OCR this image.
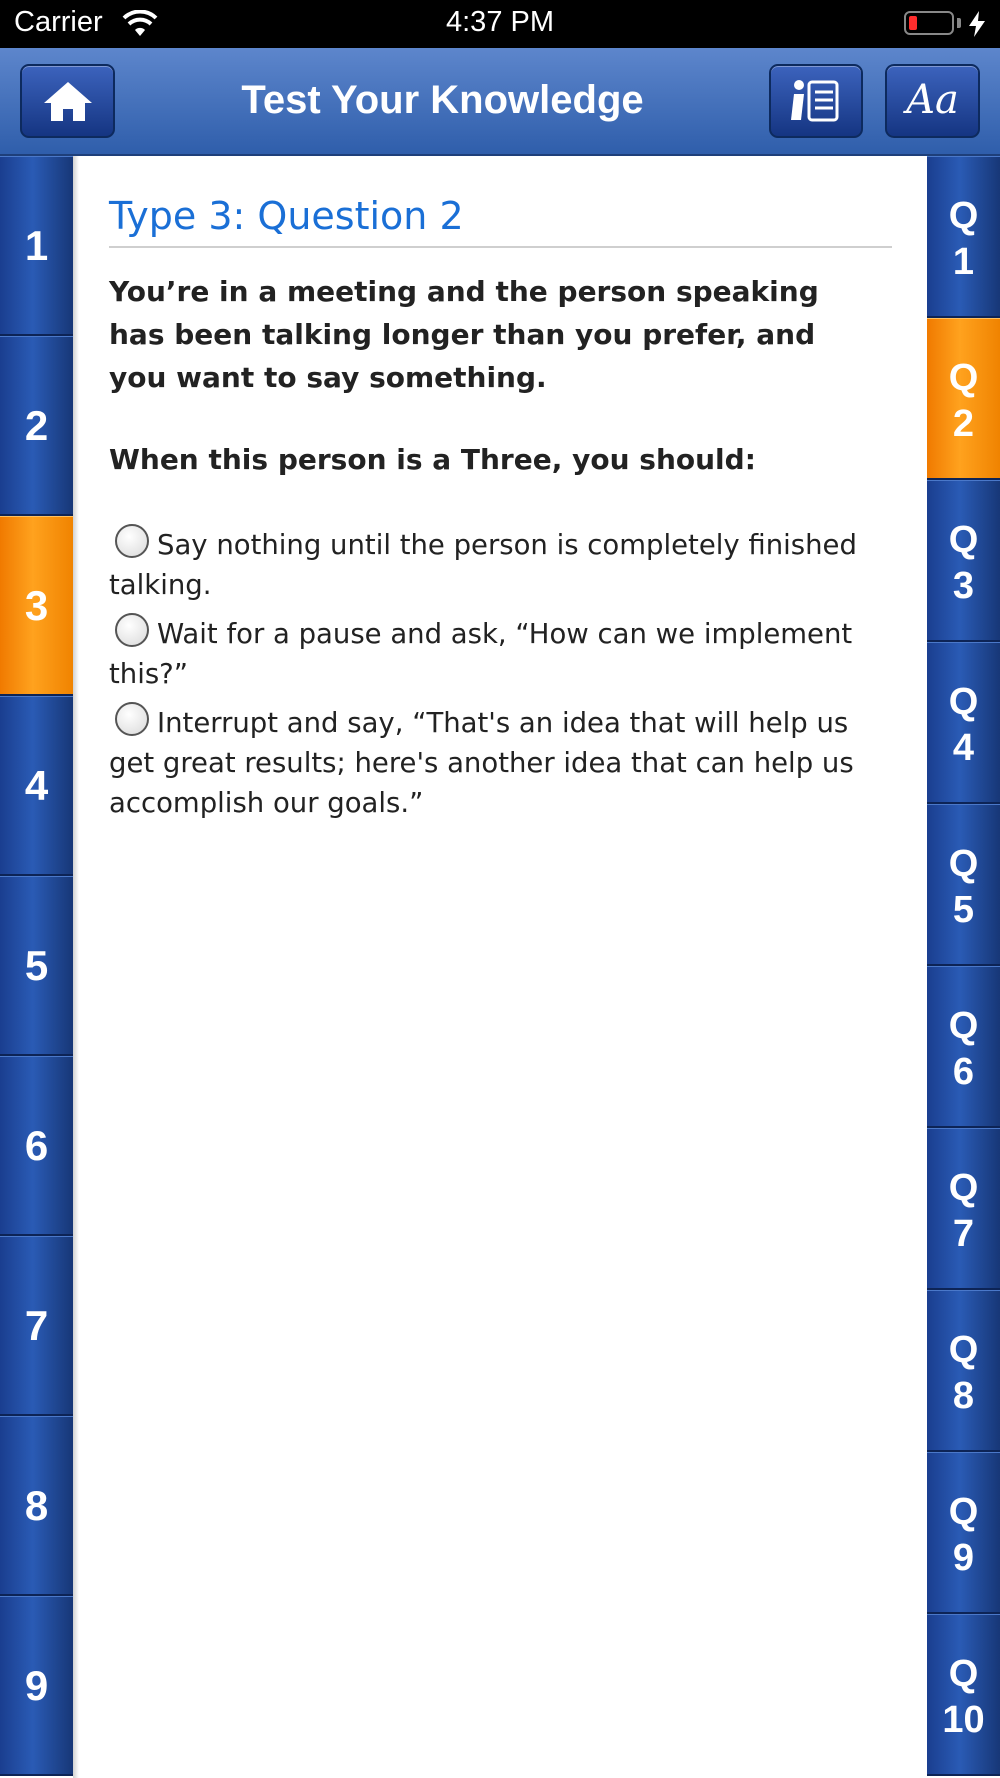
Carrier	4:37 PM
Test Your Knowledge	Aa
1
2
3
4
5
6
7
8
9
Type 3: Question 2
You’re in a meeting and the person speaking has been talking longer than you prefer, and you want to say something.
When this person is a Three, you should:
Say nothing until the person is completely finished talking.
Wait for a pause and ask, “How can we implement this?”
Interrupt and say, “That's an idea that will help us get great results; here's another idea that can help us accomplish our goals.”
Q
1
Q
2
Q
3
Q
4
Q
5
Q
6
Q
7
Q
8
Q
9
Q
10
